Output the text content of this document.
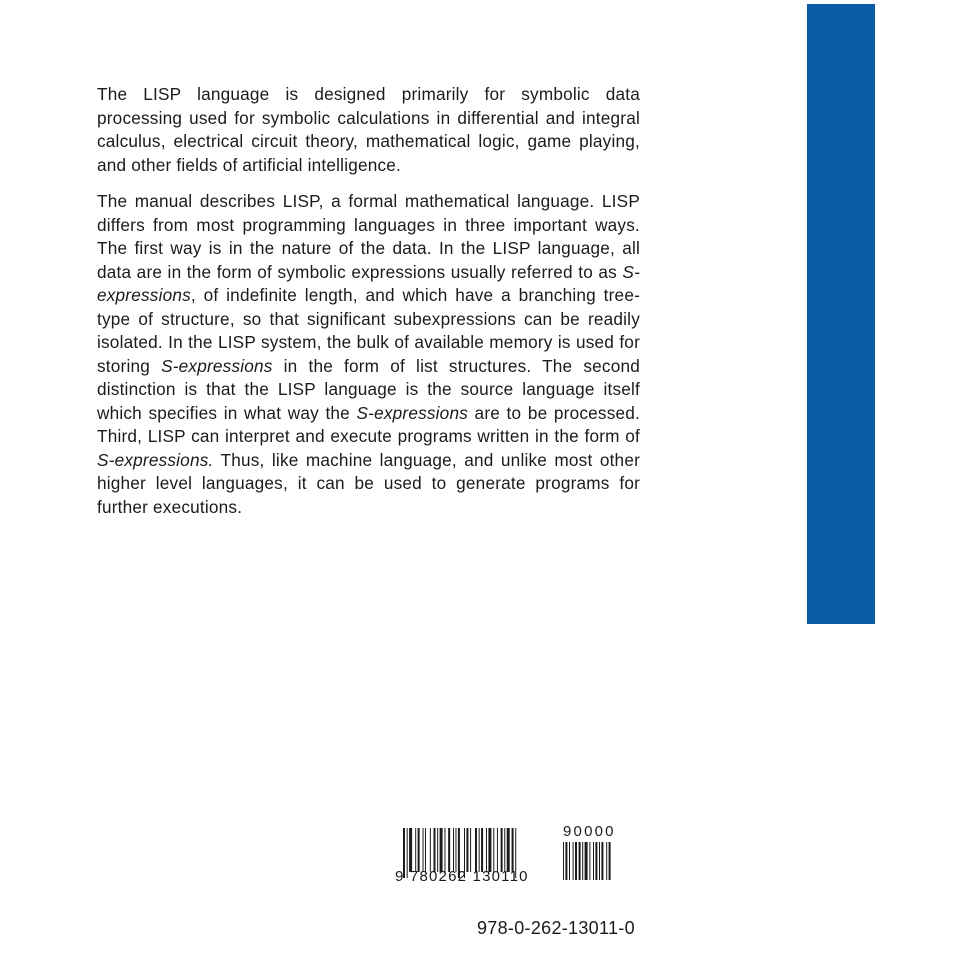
The LISP language is designed primarily for symbolic data processing used for symbolic calculations in differential and integral calculus, electrical circuit theory, mathematical logic, game playing, and other fields of artificial intelligence.

The manual describes LISP, a formal mathematical language. LISP differs from most programming languages in three important ways. The first way is in the nature of the data. In the LISP language, all data are in the form of symbolic expressions usually referred to as S-expressions, of indefinite length, and which have a branching tree-type of structure, so that significant subexpressions can be readily isolated. In the LISP system, the bulk of available memory is used for storing S-expressions in the form of list structures. The second distinction is that the LISP language is the source language itself which specifies in what way the S-expressions are to be processed. Third, LISP can interpret and execute programs written in the form of S-expressions. Thus, like machine language, and unlike most other higher level languages, it can be used to generate programs for further executions.

9 780262 130110
90000
978-0-262-13011-0
